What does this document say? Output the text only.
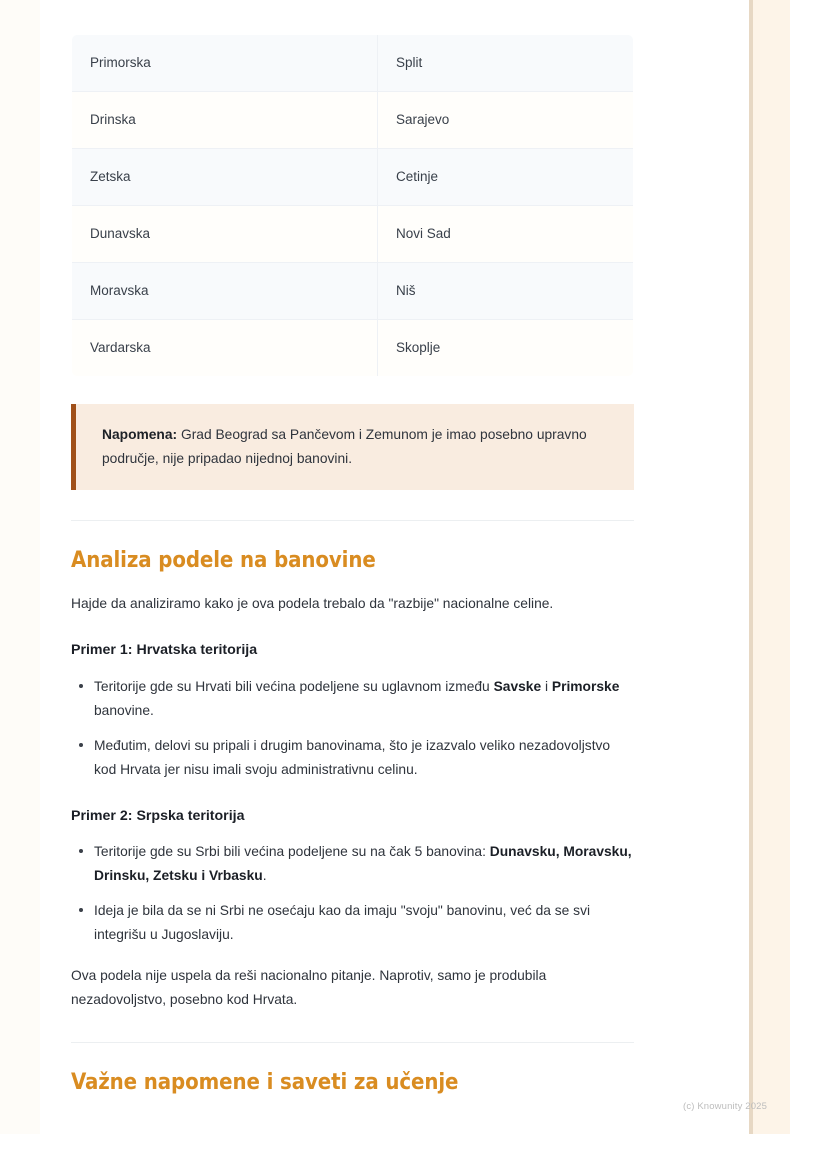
Primorska	Split
Drinska	Sarajevo
Zetska	Cetinje
Dunavska	Novi Sad
Moravska	Niš
Vardarska	Skoplje

Napomena: Grad Beograd sa Pančevom i Zemunom je imao posebno upravno područje, nije pripadao nijednoj banovini.

Analiza podele na banovine

Hajde da analiziramo kako je ova podela trebalo da "razbije" nacionalne celine.

Primer 1: Hrvatska teritorija
Teritorije gde su Hrvati bili većina podeljene su uglavnom između Savske i Primorske banovine.
Međutim, delovi su pripali i drugim banovinama, što je izazvalo veliko nezadovoljstvo kod Hrvata jer nisu imali svoju administrativnu celinu.
Primer 2: Srpska teritorija
Teritorije gde su Srbi bili većina podeljene su na čak 5 banovina: Dunavsku, Moravsku, Drinsku, Zetsku i Vrbasku.
Ideja je bila da se ni Srbi ne osećaju kao da imaju "svoju" banovinu, već da se svi integrišu u Jugoslaviju.

Ova podela nije uspela da reši nacionalno pitanje. Naprotiv, samo je produbila nezadovoljstvo, posebno kod Hrvata.

Važne napomene i saveti za učenje
(c) Knowunity 2025
